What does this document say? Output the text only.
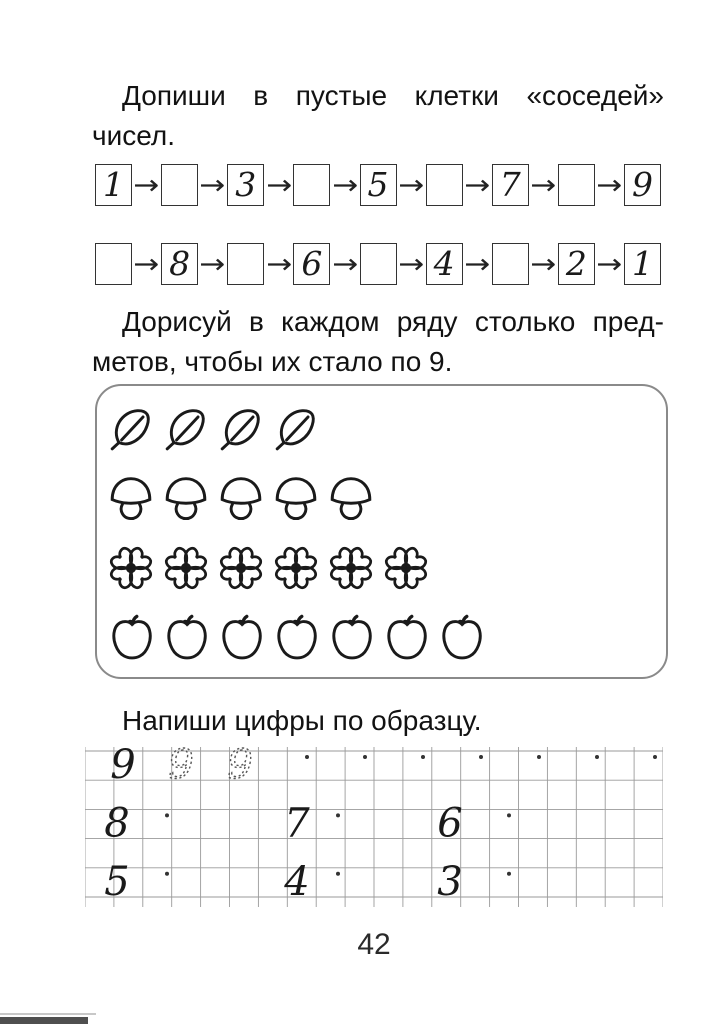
Допиши в пустые клетки «соседей»
чисел.
1 → → 3 → → 5 → → 7 → → 9
→ 8 → → 6 → → 4 → → 2 → 1
Дорисуй в каждом ряду столько пред-
метов, чтобы их стало по 9.
Напиши цифры по образцу.
9 9 9
8	7	6
5	4	3
42
